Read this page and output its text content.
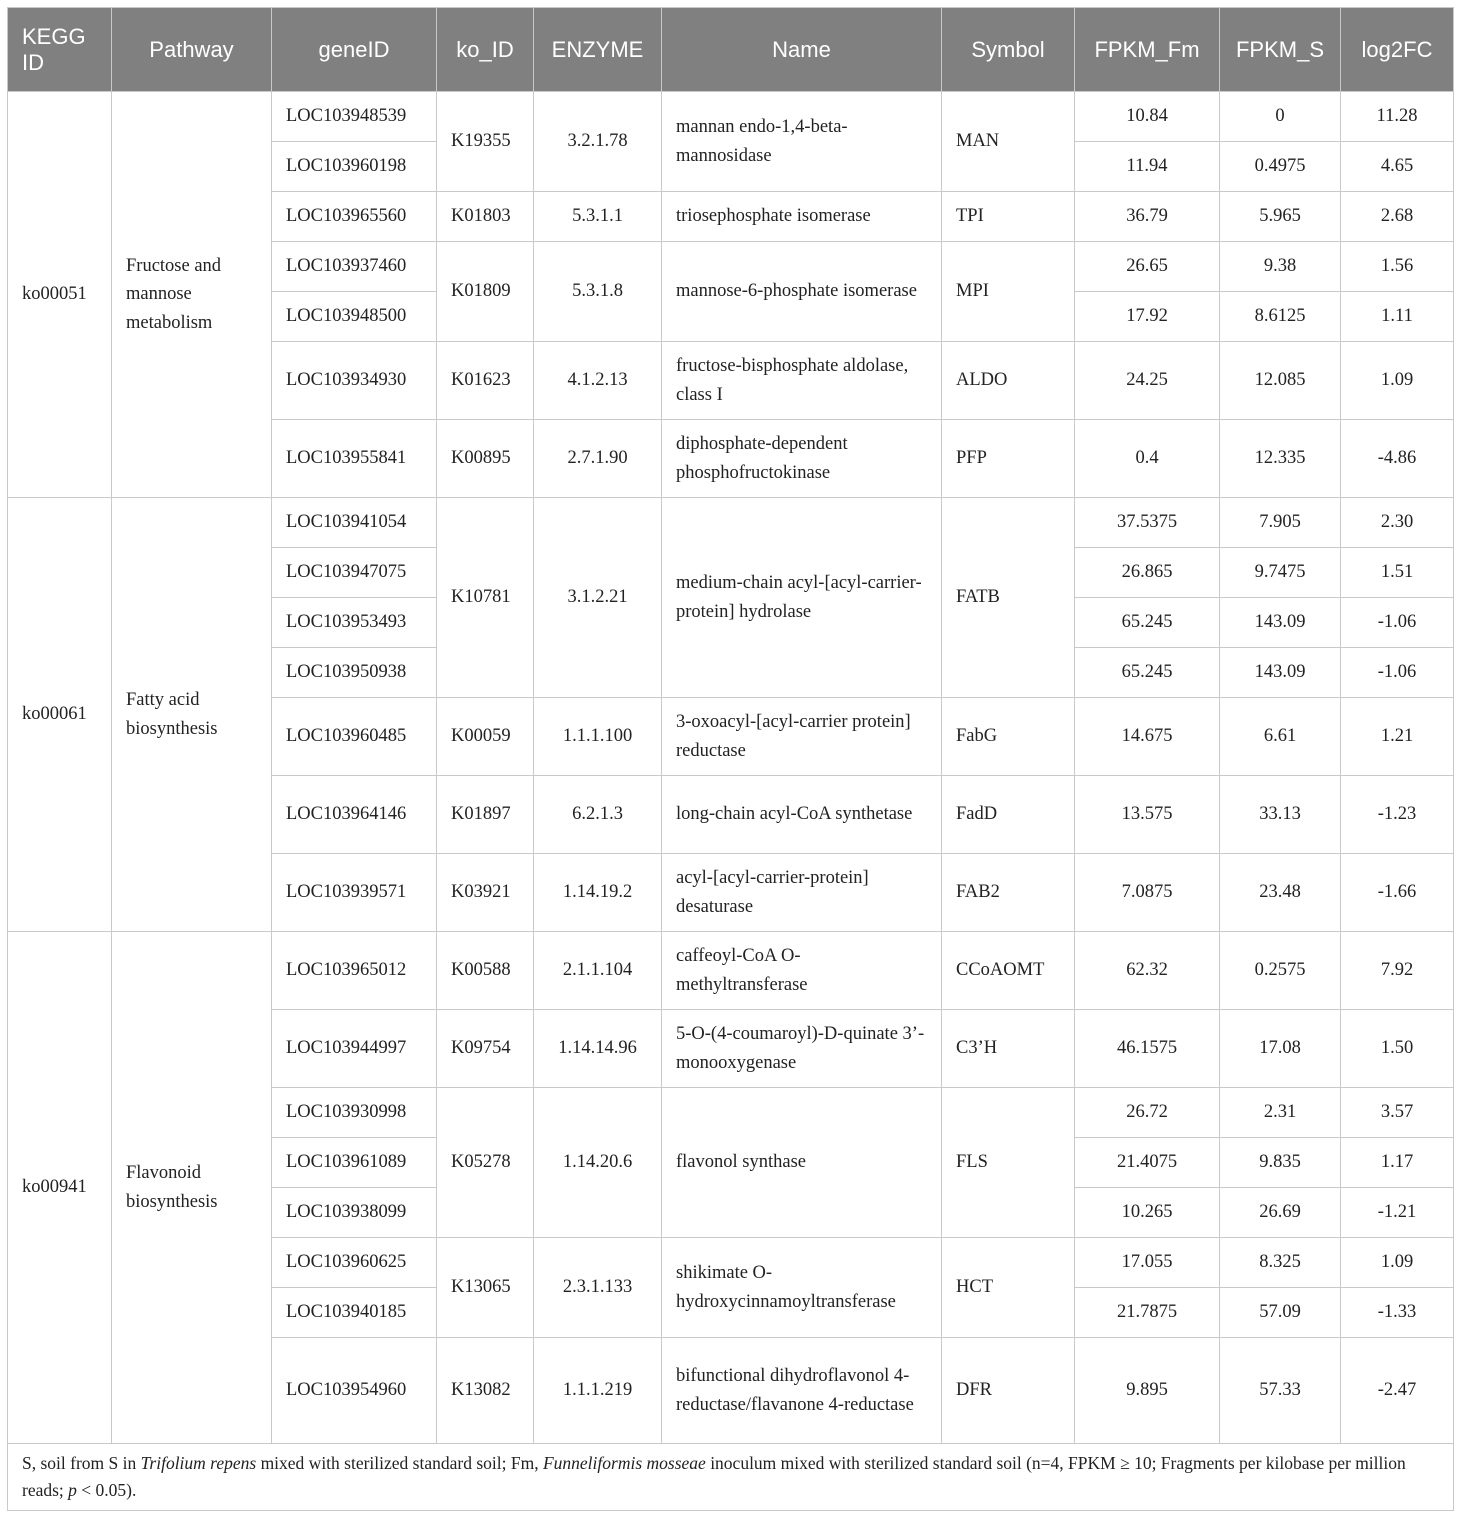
KEGG ID	Pathway	geneID	ko_ID	ENZYME	Name	Symbol	FPKM_Fm	FPKM_S	log2FC
ko00051	Fructose and mannose metabolism	LOC103948539	K19355	3.2.1.78	mannan endo-1,4-beta-mannosidase	MAN	10.84	0	11.28
		LOC103960198					11.94	0.4975	4.65
		LOC103965560	K01803	5.3.1.1	triosephosphate isomerase	TPI	36.79	5.965	2.68
		LOC103937460	K01809	5.3.1.8	mannose-6-phosphate isomerase	MPI	26.65	9.38	1.56
		LOC103948500					17.92	8.6125	1.11
		LOC103934930	K01623	4.1.2.13	fructose-bisphosphate aldolase, class I	ALDO	24.25	12.085	1.09
		LOC103955841	K00895	2.7.1.90	diphosphate-dependent phosphofructokinase	PFP	0.4	12.335	-4.86
ko00061	Fatty acid biosynthesis	LOC103941054	K10781	3.1.2.21	medium-chain acyl-[acyl-carrier-protein] hydrolase	FATB	37.5375	7.905	2.30
		LOC103947075					26.865	9.7475	1.51
		LOC103953493					65.245	143.09	-1.06
		LOC103950938					65.245	143.09	-1.06
		LOC103960485	K00059	1.1.1.100	3-oxoacyl-[acyl-carrier protein] reductase	FabG	14.675	6.61	1.21
		LOC103964146	K01897	6.2.1.3	long-chain acyl-CoA synthetase	FadD	13.575	33.13	-1.23
		LOC103939571	K03921	1.14.19.2	acyl-[acyl-carrier-protein] desaturase	FAB2	7.0875	23.48	-1.66
ko00941	Flavonoid biosynthesis	LOC103965012	K00588	2.1.1.104	caffeoyl-CoA O-methyltransferase	CCoAOMT	62.32	0.2575	7.92
		LOC103944997	K09754	1.14.14.96	5-O-(4-coumaroyl)-D-quinate 3’-monooxygenase	C3’H	46.1575	17.08	1.50
		LOC103930998	K05278	1.14.20.6	flavonol synthase	FLS	26.72	2.31	3.57
		LOC103961089					21.4075	9.835	1.17
		LOC103938099					10.265	26.69	-1.21
		LOC103960625	K13065	2.3.1.133	shikimate O-hydroxycinnamoyltransferase	HCT	17.055	8.325	1.09
		LOC103940185					21.7875	57.09	-1.33
		LOC103954960	K13082	1.1.1.219	bifunctional dihydroflavonol 4-reductase/flavanone 4-reductase	DFR	9.895	57.33	-2.47
S, soil from S in Trifolium repens mixed with sterilized standard soil; Fm, Funneliformis mosseae inoculum mixed with sterilized standard soil (n=4, FPKM ≥ 10; Fragments per kilobase per million reads; p < 0.05).									
